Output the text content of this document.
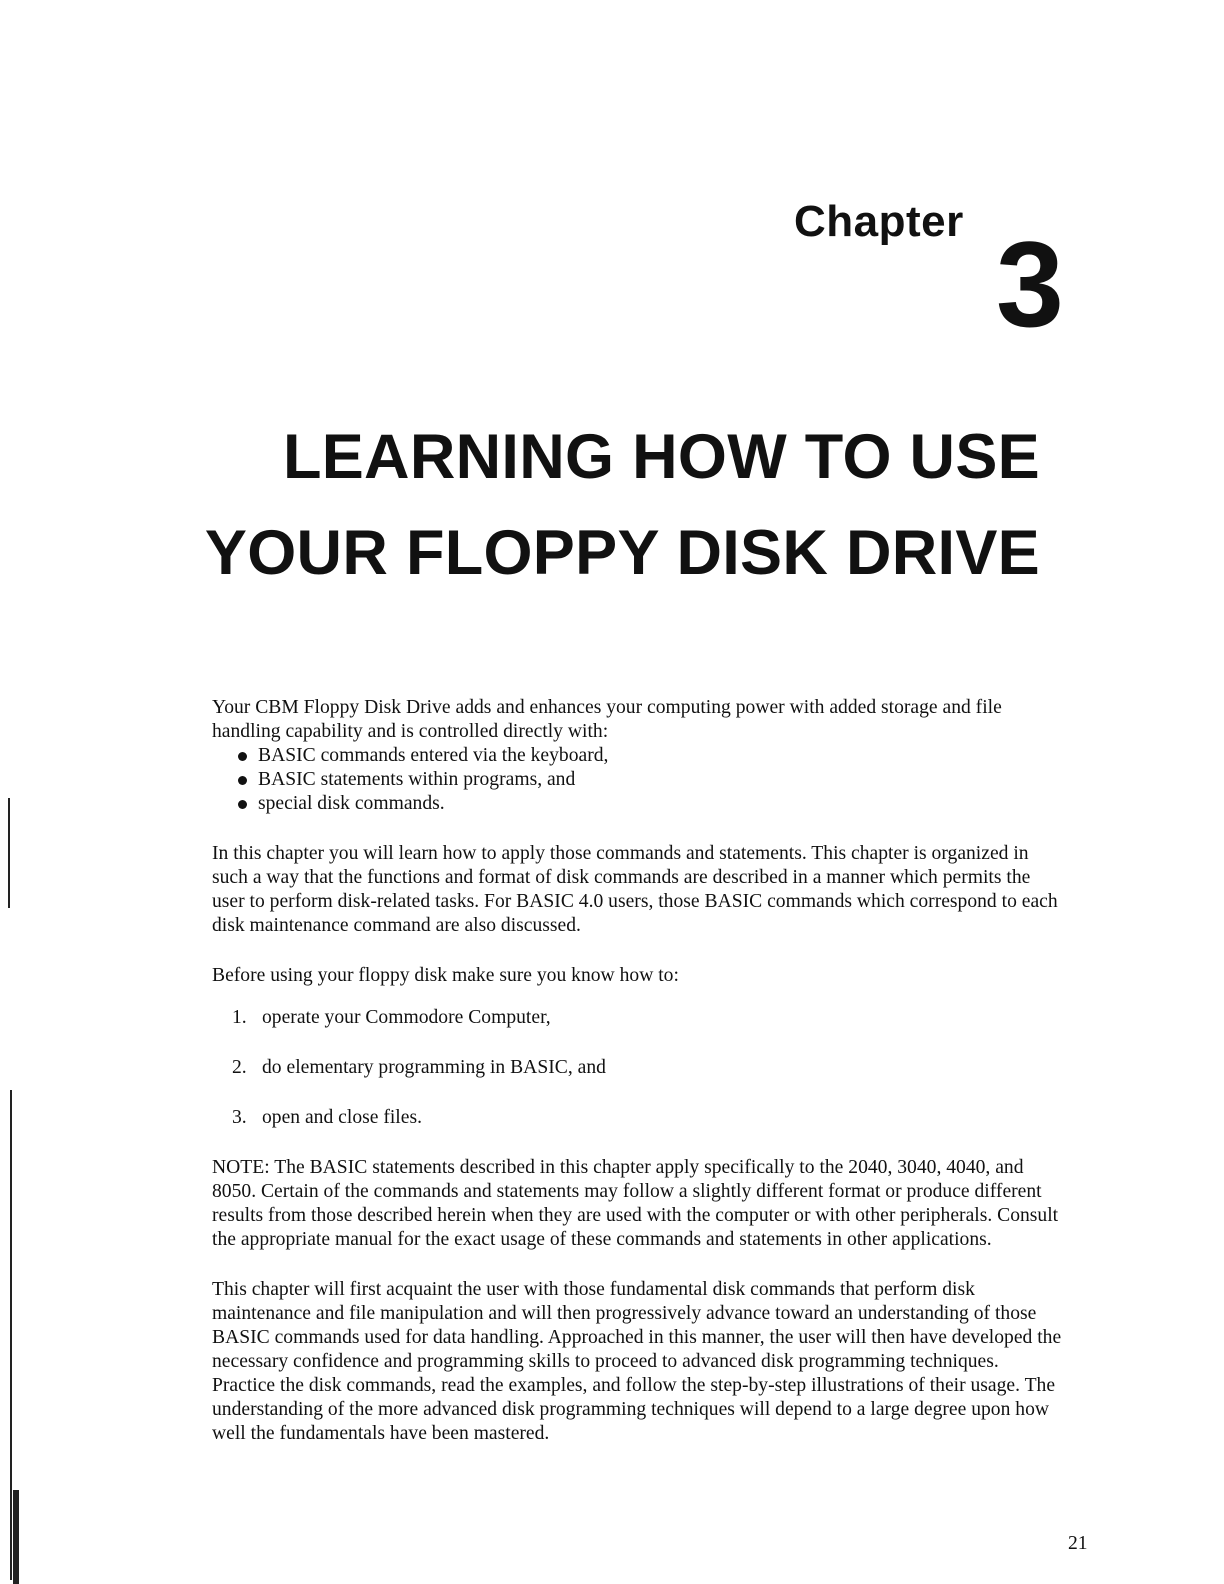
Chapter 3
LEARNING HOW TO USE
YOUR FLOPPY DISK DRIVE

Your CBM Floppy Disk Drive adds and enhances your computing power with added storage and file handling capability and is controlled directly with:

BASIC commands entered via the keyboard,
BASIC statements within programs, and
special disk commands.

In this chapter you will learn how to apply those commands and statements. This chapter is organized in such a way that the functions and format of disk commands are described in a manner which permits the user to perform disk-related tasks. For BASIC 4.0 users, those BASIC commands which correspond to each disk maintenance command are also discussed.

Before using your floppy disk make sure you know how to:

1. operate your Commodore Computer,
2. do elementary programming in BASIC, and
3. open and close files.

NOTE: The BASIC statements described in this chapter apply specifically to the 2040, 3040, 4040, and 8050. Certain of the commands and statements may follow a slightly different format or produce different results from those described herein when they are used with the computer or with other peripherals. Consult the appropriate manual for the exact usage of these commands and statements in other applications.

This chapter will first acquaint the user with those fundamental disk commands that perform disk maintenance and file manipulation and will then progressively advance toward an understanding of those BASIC commands used for data handling. Approached in this manner, the user will then have developed the necessary confidence and programming skills to proceed to advanced disk programming techniques. Practice the disk commands, read the examples, and follow the step-by-step illustrations of their usage. The understanding of the more advanced disk programming techniques will depend to a large degree upon how well the fundamentals have been mastered.

21
